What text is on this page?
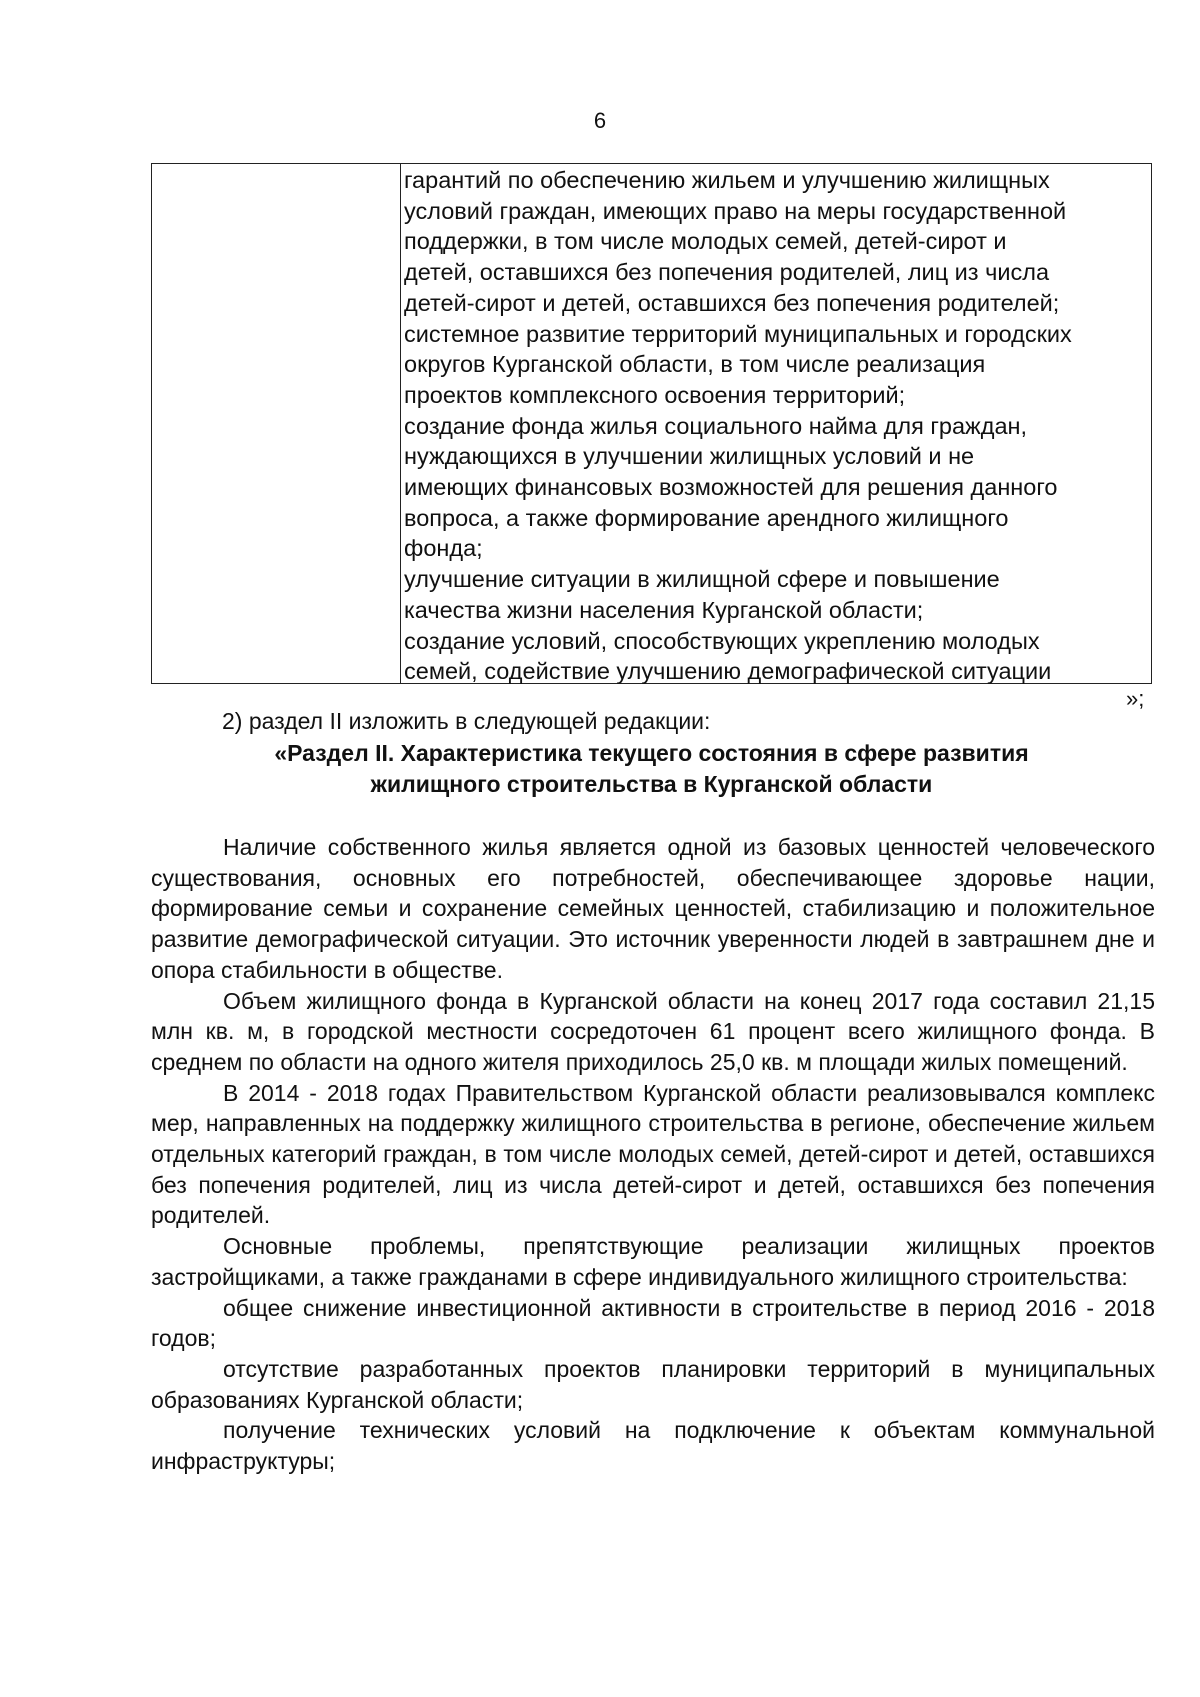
6
гарантий по обеспечению жильем и улучшению жилищных
условий граждан, имеющих право на меры государственной
поддержки, в том числе молодых семей, детей-сирот и
детей, оставшихся без попечения родителей, лиц из числа
детей-сирот и детей, оставшихся без попечения родителей;
системное развитие территорий муниципальных и городских
округов Курганской области, в том числе реализация
проектов комплексного освоения территорий;
создание фонда жилья социального найма для граждан,
нуждающихся в улучшении жилищных условий и не
имеющих финансовых возможностей для решения данного
вопроса, а также формирование арендного жилищного
фонда;
улучшение ситуации в жилищной сфере и повышение
качества жизни населения Курганской области;
создание условий, способствующих укреплению молодых
семей, содействие улучшению демографической ситуации
»;
2) раздел II изложить в следующей редакции:
«Раздел II. Характеристика текущего состояния в сфере развития
жилищного строительства в Курганской области
Наличие собственного жилья является одной из базовых ценностей человеческого существования, основных его потребностей, обеспечивающее здоровье нации, формирование семьи и сохранение семейных ценностей, стабилизацию и положительное развитие демографической ситуации. Это источник уверенности людей в завтрашнем дне и опора стабильности в обществе.
Объем жилищного фонда в Курганской области на конец 2017 года составил 21,15 млн кв. м, в городской местности сосредоточен 61 процент всего жилищного фонда. В среднем по области на одного жителя приходилось 25,0 кв. м площади жилых помещений.
В 2014 - 2018 годах Правительством Курганской области реализовывался комплекс мер, направленных на поддержку жилищного строительства в регионе, обеспечение жильем отдельных категорий граждан, в том числе молодых семей, детей-сирот и детей, оставшихся без попечения родителей, лиц из числа детей-сирот и детей, оставшихся без попечения родителей.
Основные проблемы, препятствующие реализации жилищных проектов застройщиками, а также гражданами в сфере индивидуального жилищного строительства:
общее снижение инвестиционной активности в строительстве в период 2016 - 2018 годов;
отсутствие разработанных проектов планировки территорий в муниципальных образованиях Курганской области;
получение технических условий на подключение к объектам коммунальной инфраструктуры;
